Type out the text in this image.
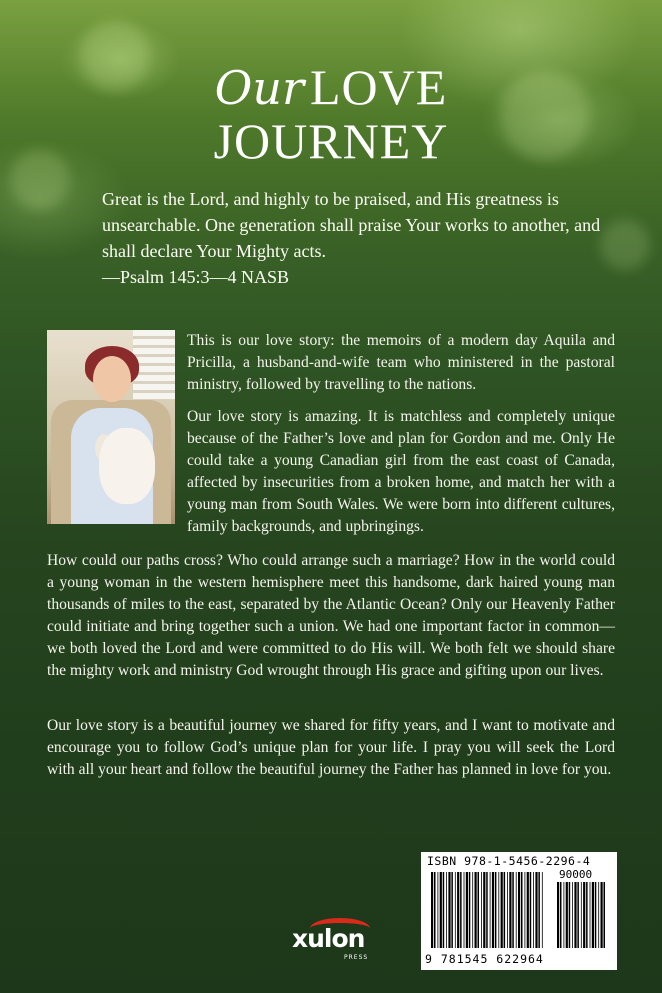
Our LOVE
JOURNEY
Great is the Lord, and highly to be praised, and His greatness is unsearchable. One generation shall praise Your works to another, and shall declare Your Mighty acts.
—Psalm 145:3—4 NASB

This is our love story: the memoirs of a modern day Aquila and Pricilla, a husband-and-wife team who ministered in the pastoral ministry, followed by travelling to the nations.

Our love story is amazing. It is matchless and completely unique because of the Father’s love and plan for Gordon and me. Only He could take a young Canadian girl from the east coast of Canada, affected by insecurities from a broken home, and match her with a young man from South Wales. We were born into different cultures, family backgrounds, and upbringings.

How could our paths cross? Who could arrange such a marriage? How in the world could a young woman in the western hemisphere meet this handsome, dark haired young man thousands of miles to the east, separated by the Atlantic Ocean? Only our Heavenly Father could initiate and bring together such a union. We had one important factor in common—we both loved the Lord and were committed to do His will. We both felt we should share the mighty work and ministry God wrought through His grace and gifting upon our lives.

Our love story is a beautiful journey we shared for fifty years, and I want to motivate and encourage you to follow God’s unique plan for your life. I pray you will seek the Lord with all your heart and follow the beautiful journey the Father has planned in love for you.

ISBN 978-1-5456-2296-4
90000
9 781545 622964
xulon
PRESS
